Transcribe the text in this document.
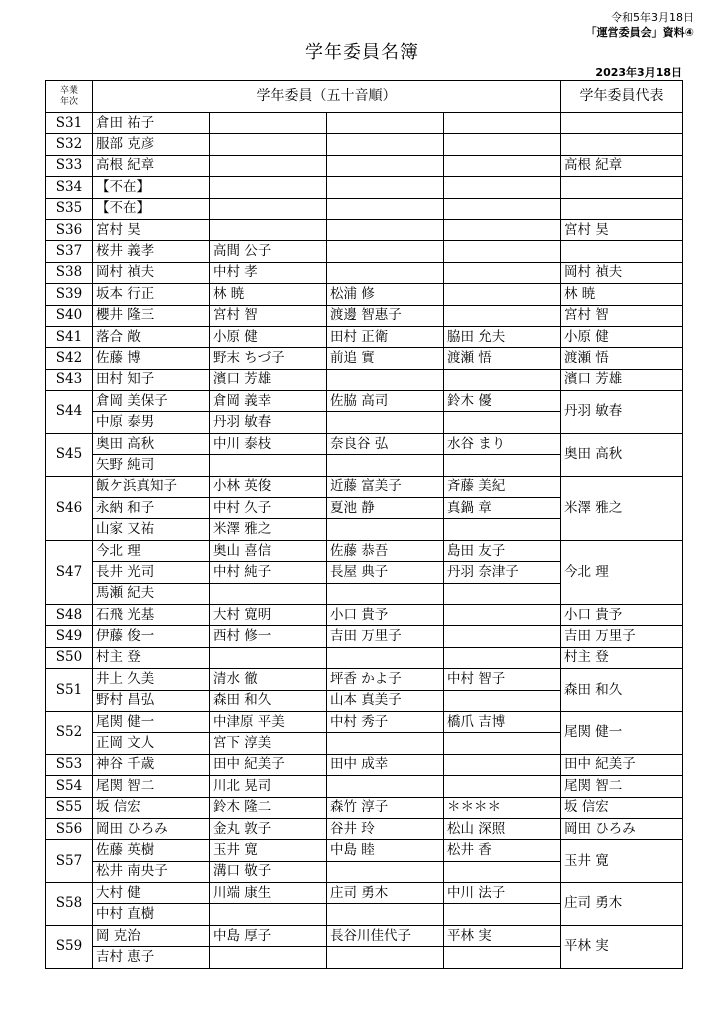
令和5年3月18日
「運営委員会」資料④
学年委員名簿
2023年3月18日
卒業
年次	学年委員（五十音順）				学年委員代表
S31	倉田 祐子				
S32	服部 克彦				
S33	高根 紀章				高根 紀章
S34	【不在】				
S35	【不在】				
S36	宮村 昊				宮村 昊
S37	桜井 義孝	高間 公子			
S38	岡村 禎夫	中村 孝			岡村 禎夫
S39	坂本 行正	林 暁	松浦 修		林 暁
S40	櫻井 隆三	宮村 智	渡邊 智惠子		宮村 智
S41	落合 敞	小原 健	田村 正衛	脇田 允夫	小原 健
S42	佐藤 博	野末 ちづ子	前追 實	渡瀬 悟	渡瀬 悟
S43	田村 知子	濱口 芳雄			濱口 芳雄
S44	倉岡 美保子	倉岡 義幸	佐脇 高司	鈴木 優	丹羽 敏春
	中原 泰男	丹羽 敏春			
S45	奥田 高秋	中川 泰枝	奈良谷 弘	水谷 まり	奥田 高秋
	矢野 純司				
S46	飯ケ浜真知子	小林 英俊	近藤 富美子	斉藤 美紀	米澤 雅之
	永納 和子	中村 久子	夏池 静	真鍋 章	
	山家 又祐	米澤 雅之			
S47	今北 理	奥山 喜信	佐藤 恭吾	島田 友子	今北 理
	長井 光司	中村 純子	長屋 典子	丹羽 奈津子	
	馬瀬 紀夫				
S48	石飛 光基	大村 寛明	小口 貴予		小口 貴予
S49	伊藤 俊一	西村 修一	吉田 万里子		吉田 万里子
S50	村主 登				村主 登
S51	井上 久美	清水 徹	坪香 かよ子	中村 智子	森田 和久
	野村 昌弘	森田 和久	山本 真美子		
S52	尾関 健一	中津原 平美	中村 秀子	橋爪 吉博	尾関 健一
	正岡 文人	宮下 淳美			
S53	神谷 千歳	田中 紀美子	田中 成幸		田中 紀美子
S54	尾関 智二	川北 晃司			尾関 智二
S55	坂 信宏	鈴木 隆二	森竹 淳子	＊＊＊＊	坂 信宏
S56	岡田 ひろみ	金丸 敦子	谷井 玲	松山 深照	岡田 ひろみ
S57	佐藤 英樹	玉井 寛	中島 睦	松井 香	玉井 寛
	松井 南央子	溝口 敬子			
S58	大村 健	川端 康生	庄司 勇木	中川 法子	庄司 勇木
	中村 直樹				
S59	岡 克治	中島 厚子	長谷川佳代子	平林 実	平林 実
	吉村 恵子				
